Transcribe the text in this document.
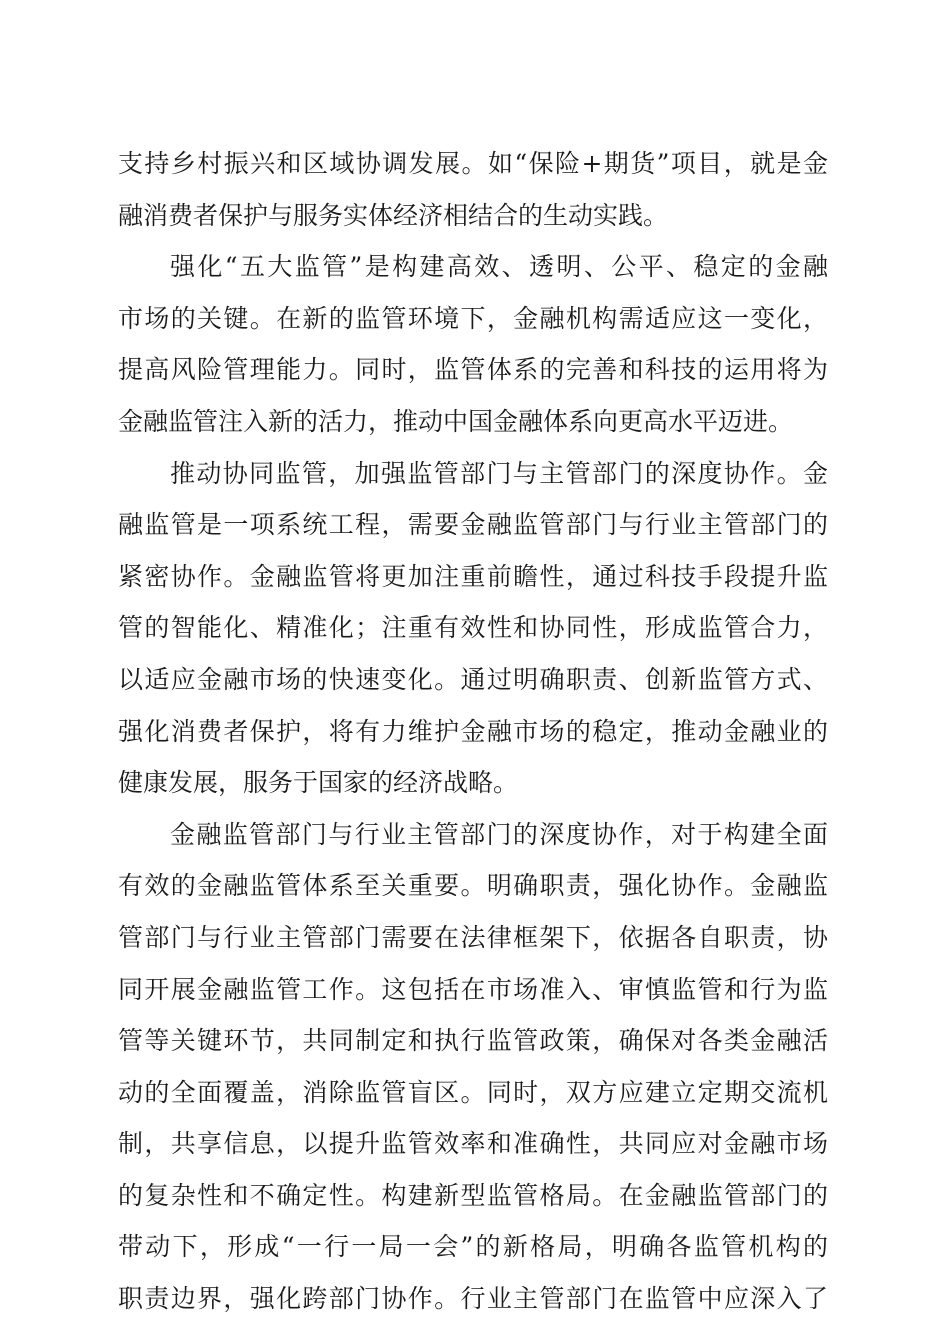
支持乡村振兴和区域协调发展。如“保险+期货”项目，就是金
融消费者保护与服务实体经济相结合的生动实践。
强化“五大监管”是构建高效、透明、公平、稳定的金融
市场的关键。在新的监管环境下，金融机构需适应这一变化，
提高风险管理能力。同时，监管体系的完善和科技的运用将为
金融监管注入新的活力，推动中国金融体系向更高水平迈进。
推动协同监管，加强监管部门与主管部门的深度协作。金
融监管是一项系统工程，需要金融监管部门与行业主管部门的
紧密协作。金融监管将更加注重前瞻性，通过科技手段提升监
管的智能化、精准化；注重有效性和协同性，形成监管合力，
以适应金融市场的快速变化。通过明确职责、创新监管方式、
强化消费者保护，将有力维护金融市场的稳定，推动金融业的
健康发展，服务于国家的经济战略。
金融监管部门与行业主管部门的深度协作，对于构建全面
有效的金融监管体系至关重要。明确职责，强化协作。金融监
管部门与行业主管部门需要在法律框架下，依据各自职责，协
同开展金融监管工作。这包括在市场准入、审慎监管和行为监
管等关键环节，共同制定和执行监管政策，确保对各类金融活
动的全面覆盖，消除监管盲区。同时，双方应建立定期交流机
制，共享信息，以提升监管效率和准确性，共同应对金融市场
的复杂性和不确定性。构建新型监管格局。在金融监管部门的
带动下，形成“一行一局一会”的新格局，明确各监管机构的
职责边界，强化跨部门协作。行业主管部门在监管中应深入了
